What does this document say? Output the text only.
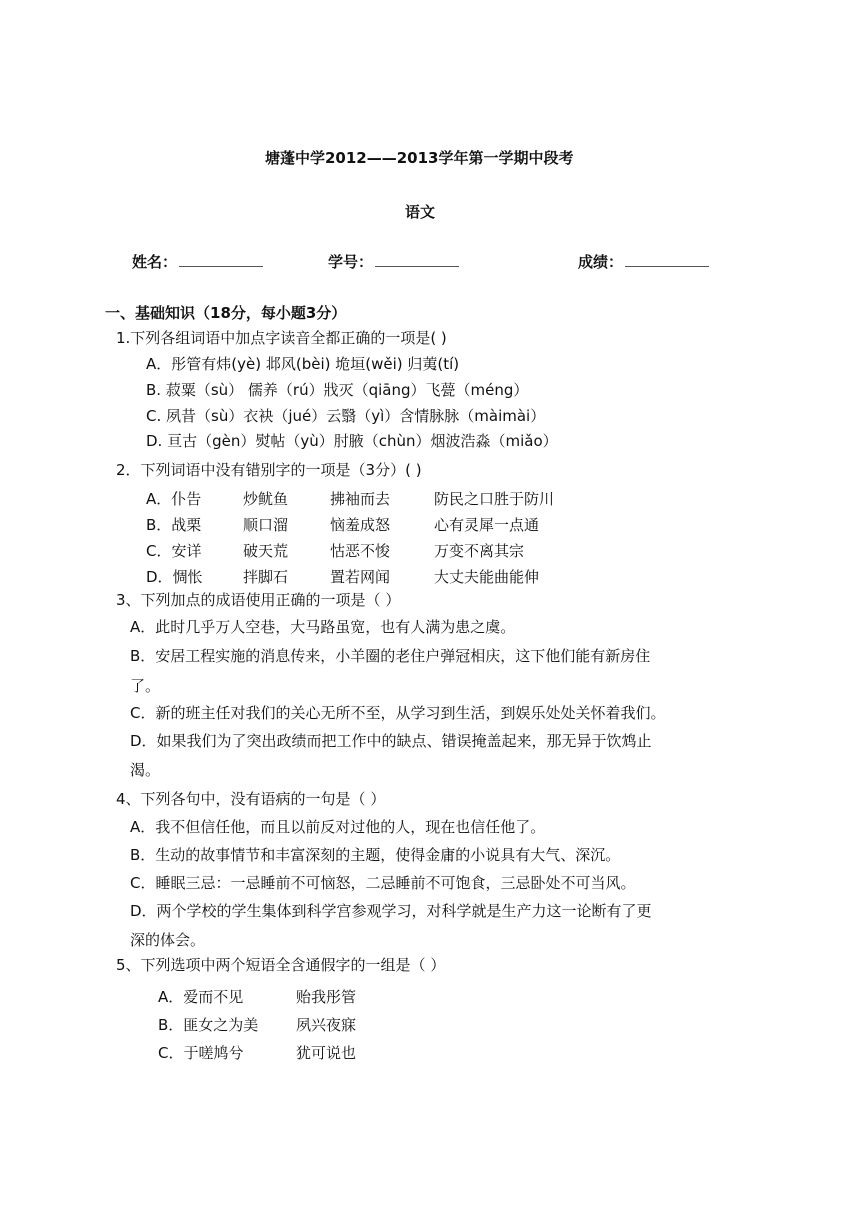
塘蓬中学2012——2013学年第一学期中段考
语文
姓名：	学号：	成绩：
一、基础知识（18分，每小题3分）
1.下列各组词语中加点字读音全都正确的一项是( )
A．彤管有炜(yè) 邶风(bèi) 垝垣(wěi) 归荑(tí)
B. 菽粟（sù） 儒养（rú）戕灭（qiāng）飞甍（méng）
C. 夙昔（sù）衣袂（jué）云翳（yì）含情脉脉（màimài）
D. 亘古（gèn）熨帖（yù）肘腋（chùn）烟波浩淼（miǎo）
2．下列词语中没有错别字的一项是（3分）( )
A．仆告	炒鱿鱼	拂袖而去	防民之口胜于防川
B．战栗	顺口溜	恼羞成怒	心有灵犀一点通
C．安详	破天荒	怙恶不悛	万变不离其宗
D．惆怅	拌脚石	置若网闻	大丈夫能曲能伸
3、下列加点的成语使用正确的一项是（ ）
A．此时几乎万人空巷，大马路虽宽，也有人满为患之虞。
B．安居工程实施的消息传来，小羊圈的老住户弹冠相庆，这下他们能有新房住
了。
C．新的班主任对我们的关心无所不至，从学习到生活，到娱乐处处关怀着我们。
D．如果我们为了突出政绩而把工作中的缺点、错误掩盖起来，那无异于饮鸩止
渴。
4、下列各句中，没有语病的一句是（ ）
A．我不但信任他，而且以前反对过他的人，现在也信任他了。
B．生动的故事情节和丰富深刻的主题，使得金庸的小说具有大气、深沉。
C．睡眠三忌：一忌睡前不可恼怒，二忌睡前不可饱食，三忌卧处不可当风。
D．两个学校的学生集体到科学宫参观学习，对科学就是生产力这一论断有了更
深的体会。
5、下列选项中两个短语全含通假字的一组是（ ）
A．爱而不见	贻我彤管
B．匪女之为美	夙兴夜寐
C．于嗟鸠兮	犹可说也
